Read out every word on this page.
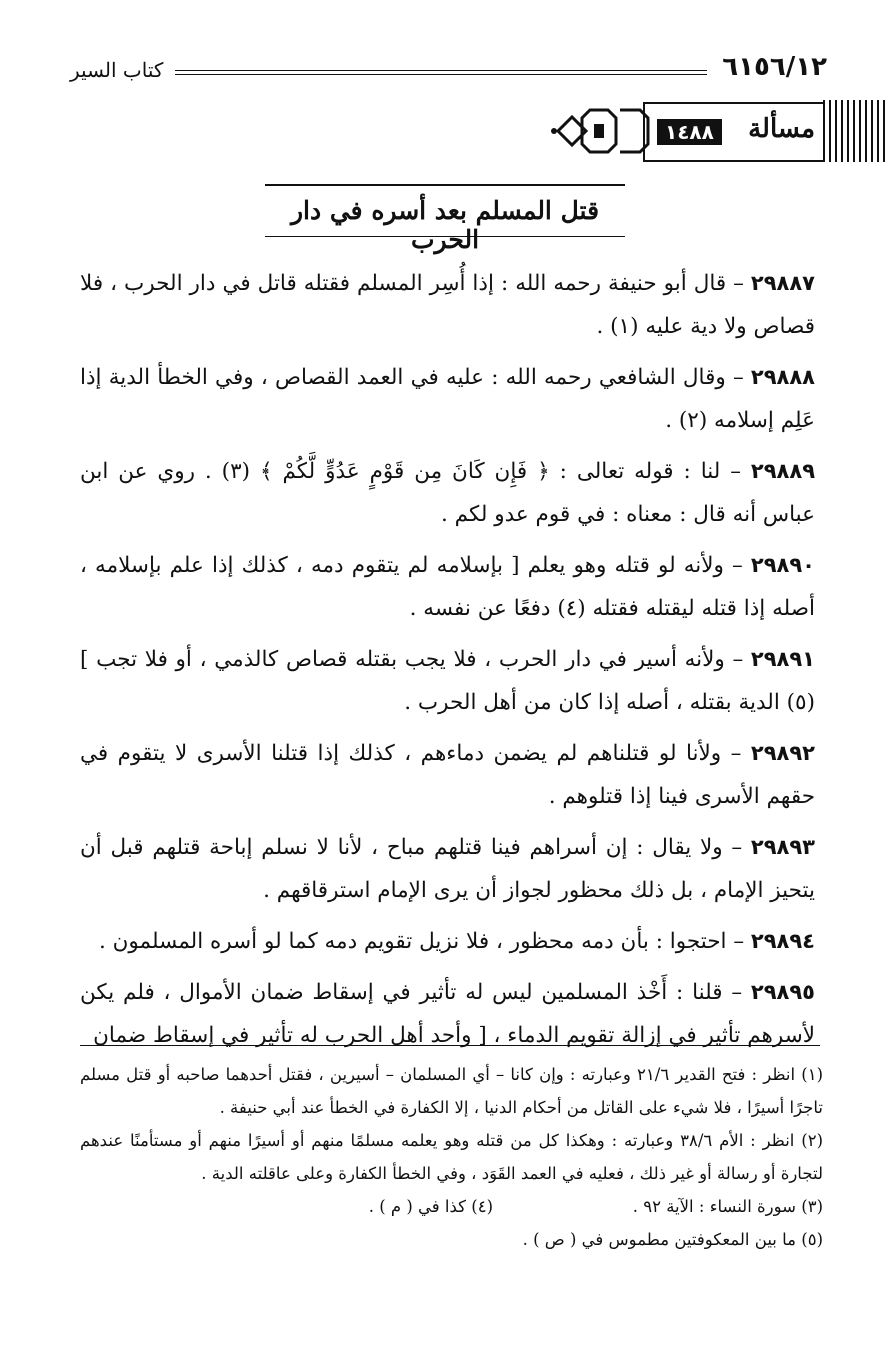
٦١٥٦/١٢
كتاب السير
مسألة
١٤٨٨
قتل المسلم بعد أسره في دار الحرب

٢٩٨٨٧ – قال أبو حنيفة رحمه الله : إذا أُسِر المسلم فقتله قاتل في دار الحرب ، فلا قصاص ولا دية عليه (١) .

٢٩٨٨٨ – وقال الشافعي رحمه الله : عليه في العمد القصاص ، وفي الخطأ الدية إذا عَلِم إسلامه (٢) .

٢٩٨٨٩ – لنا : قوله تعالى : ﴿ فَإِن كَانَ مِن قَوْمٍ عَدُوٍّ لَّكُمْ ﴾ (٣) . روي عن ابن عباس أنه قال : معناه : في قوم عدو لكم .

٢٩٨٩٠ – ولأنه لو قتله وهو يعلم [ بإسلامه لم يتقوم دمه ، كذلك إذا علم بإسلامه ، أصله إذا قتله ليقتله فقتله (٤) دفعًا عن نفسه .

٢٩٨٩١ – ولأنه أسير في دار الحرب ، فلا يجب بقتله قصاص كالذمي ، أو فلا تجب ] (٥) الدية بقتله ، أصله إذا كان من أهل الحرب .

٢٩٨٩٢ – ولأنا لو قتلناهم لم يضمن دماءهم ، كذلك إذا قتلنا الأسرى لا يتقوم في حقهم الأسرى فينا إذا قتلوهم .

٢٩٨٩٣ – ولا يقال : إن أسراهم فينا قتلهم مباح ، لأنا لا نسلم إباحة قتلهم قبل أن يتحيز الإمام ، بل ذلك محظور لجواز أن يرى الإمام استرقاقهم .

٢٩٨٩٤ – احتجوا : بأن دمه محظور ، فلا نزيل تقويم دمه كما لو أسره المسلمون .

٢٩٨٩٥ – قلنا : أَخْذ المسلمين ليس له تأثير في إسقاط ضمان الأموال ، فلم يكن لأسرهم تأثير في إزالة تقويم الدماء ، [ وأحد أهل الحرب له تأثير في إسقاط ضمان

(١) انظر : فتح القدير ٢١/٦ وعبارته : وإن كانا – أي المسلمان – أسيرين ، فقتل أحدهما صاحبه أو قتل مسلم تاجرًا أسيرًا ، فلا شيء على القاتل من أحكام الدنيا ، إلا الكفارة في الخطأ عند أبي حنيفة .

(٢) انظر : الأم ٣٨/٦ وعبارته : وهكذا كل من قتله وهو يعلمه مسلمًا منهم أو أسيرًا منهم أو مستأمنًا عندهم لتجارة أو رسالة أو غير ذلك ، فعليه في العمد القَوَد ، وفي الخطأ الكفارة وعلى عاقلته الدية .

(٣) سورة النساء : الآية ٩٢ .

(٤) كذا في ( م ) .

(٥) ما بين المعكوفتين مطموس في ( ص ) .
